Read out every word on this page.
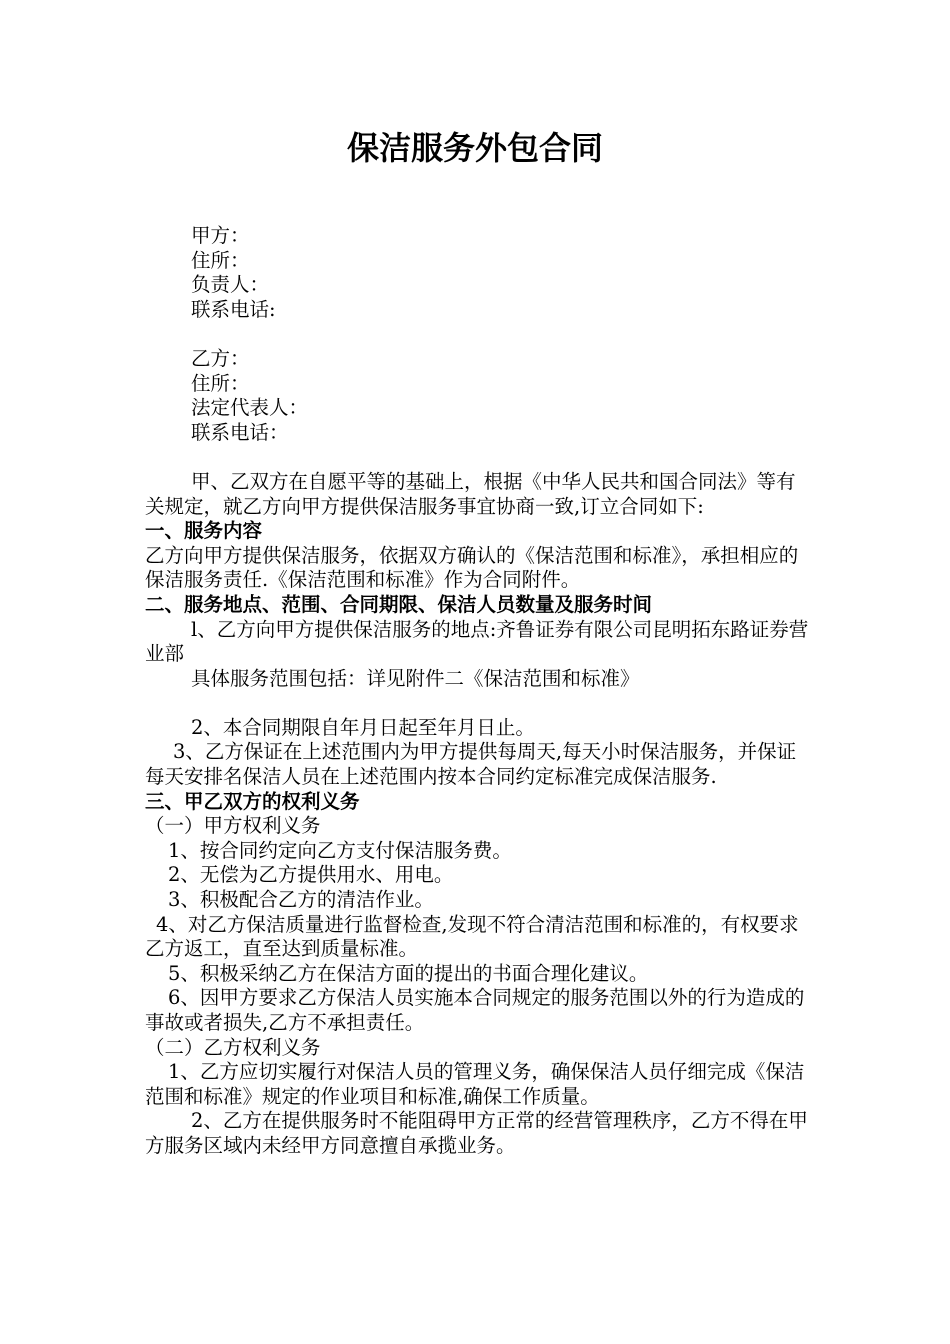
保洁服务外包合同

甲方：

住所：

负责人：

联系电话:

乙方：

住所：

法定代表人：

联系电话：

甲、乙双方在自愿平等的基础上，根据《中华人民共和国合同法》等有关规定，就乙方向甲方提供保洁服务事宜协商一致,订立合同如下:

一、服务内容

乙方向甲方提供保洁服务，依据双方确认的《保洁范围和标准》，承担相应的保洁服务责任.《保洁范围和标准》作为合同附件。

二、服务地点、范围、合同期限、保洁人员数量及服务时间

l、乙方向甲方提供保洁服务的地点:齐鲁证券有限公司昆明拓东路证券营业部

具体服务范围包括：详见附件二《保洁范围和标准》

2、本合同期限自年月日起至年月日止。

3、乙方保证在上述范围内为甲方提供每周天,每天小时保洁服务，并保证每天安排名保洁人员在上述范围内按本合同约定标准完成保洁服务.

三、甲乙双方的权利义务

（一）甲方权利义务

1、按合同约定向乙方支付保洁服务费。

2、无偿为乙方提供用水、用电。

3、积极配合乙方的清洁作业。

4、对乙方保洁质量进行监督检查,发现不符合清洁范围和标准的，有权要求乙方返工，直至达到质量标准。

5、积极采纳乙方在保洁方面的提出的书面合理化建议。

6、因甲方要求乙方保洁人员实施本合同规定的服务范围以外的行为造成的事故或者损失,乙方不承担责任。

（二）乙方权利义务

1、乙方应切实履行对保洁人员的管理义务，确保保洁人员仔细完成《保洁范围和标准》规定的作业项目和标准,确保工作质量。

2、乙方在提供服务时不能阻碍甲方正常的经营管理秩序，乙方不得在甲方服务区域内未经甲方同意擅自承揽业务。
